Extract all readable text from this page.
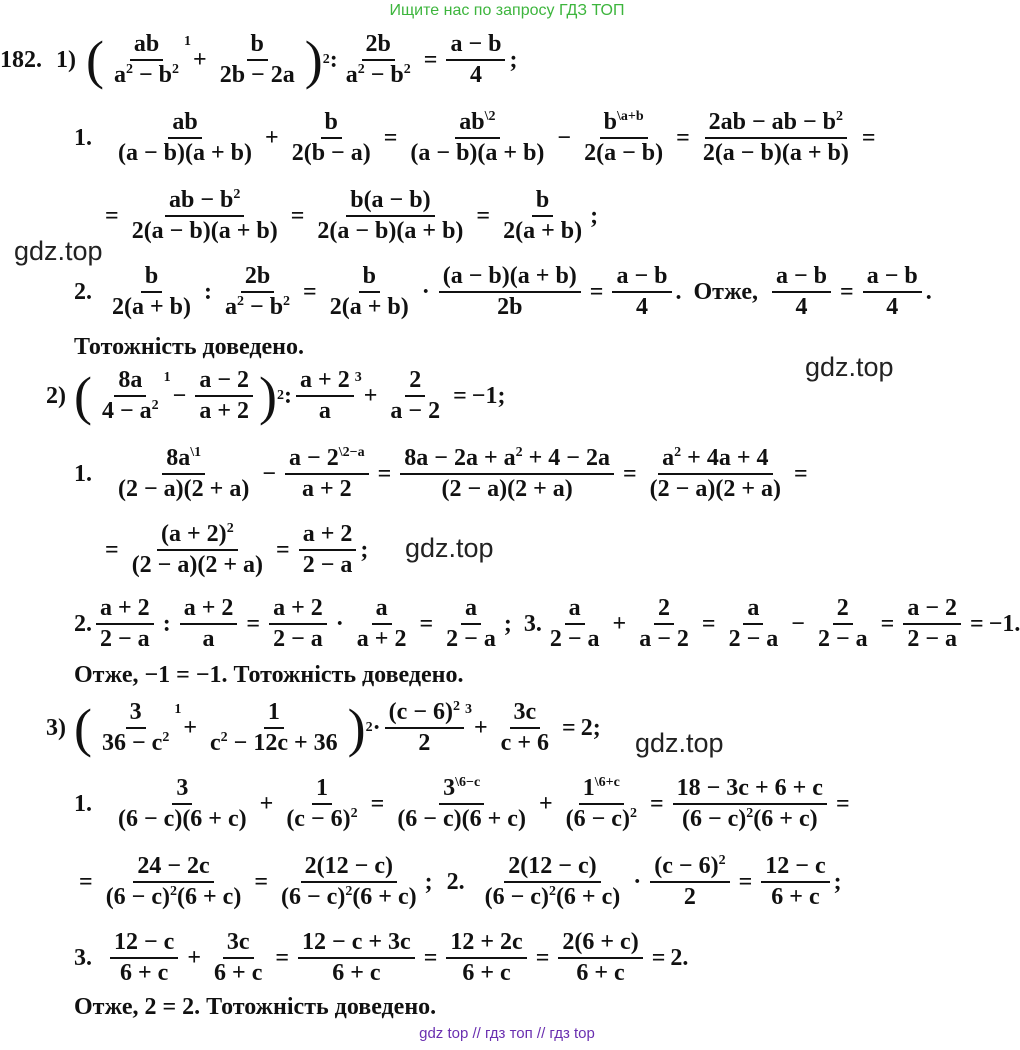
Ищите нас по запросу ГДЗ ТОП
gdz.top
gdz.top
gdz.top
gdz.top
182. 1) ( $\frac{ab}{a^2 - b^2} 1$
+ $\frac{b}{2b - 2a}$ ) 2 : $\frac{2b}{a^2 - b^2} = \frac{a - b}{4}$ ;
1. $\frac{ab}{(a - b)(a + b)} + \frac{b}{2(b - a)} = \frac{ab^{\backslash 2}}{(a - b)(a + b)} - \frac{b^{\backslash a+b}}{2(a - b)} = \frac{2ab - ab - b^2}{2(a - b)(a + b)}$ =
= $\frac{ab - b^2}{2(a - b)(a + b)} = \frac{b(a - b)}{2(a - b)(a + b)} = \frac{b}{2(a + b)}$ ;
2. $\frac{b}{2(a + b)}$ : $\frac{2b}{a^2 - b^2} = \frac{b}{2(a + b)} \cdot \frac{(a - b)(a + b)}{2b} = \frac{a - b}{4}$ . Отже, $\frac{a - b}{4} = \frac{a - b}{4}$ .
Тотожність доведено.
2) ( $\frac{8a}{4 - a^2} 1$
− $\frac{a - 2}{a + 2}$ ) 2 : $\frac{a + 2}{a} 3$
+ $\frac{2}{a - 2} = -1$;
1. $\frac{8a^{\backslash 1}}{(2 - a)(2 + a)} - \frac{a - 2^{\backslash 2-a}}{a + 2} = \frac{8a - 2a + a^2 + 4 - 2a}{(2 - a)(2 + a)} = \frac{a^2 + 4a + 4}{(2 - a)(2 + a)}$ =
= $\frac{(a + 2)^2}{(2 - a)(2 + a)} = \frac{a + 2}{2 - a}$ ;
2. $\frac{a + 2}{2 - a}$ : $\frac{a + 2}{a} = \frac{a + 2}{2 - a} \cdot \frac{a}{a + 2} = \frac{a}{2 - a}$ ; 3. $\frac{a}{2 - a} + \frac{2}{a - 2} = \frac{a}{2 - a} - \frac{2}{2 - a} = \frac{a - 2}{2 - a} = -1$.
Отже, −1 = −1. Тотожність доведено.
3) ( $\frac{3}{36 - c^2} 1$
+ $\frac{1}{c^2 - 12c + 36}$ ) $2 \cdot \frac{(c - 6)^2}{2} 3$
+ $\frac{3c}{c + 6} = 2$;
1. $\frac{3}{(6 - c)(6 + c)} + \frac{1}{(c - 6)^2} = \frac{3^{\backslash 6-c}}{(6 - c)(6 + c)} + \frac{1^{\backslash 6+c}}{(6 - c)^2} = \frac{18 - 3c + 6 + c}{(6 - c)^2(6 + c)}$ =
= $\frac{24 - 2c}{(6 - c)^2(6 + c)} = \frac{2(12 - c)}{(6 - c)^2(6 + c)}$ ; 2. $\frac{2(12 - c)}{(6 - c)^2(6 + c)} \cdot \frac{(c - 6)^2}{2} = \frac{12 - c}{6 + c}$ ;
3. $\frac{12 - c}{6 + c} + \frac{3c}{6 + c} = \frac{12 - c + 3c}{6 + c} = \frac{12 + 2c}{6 + c} = \frac{2(6 + c)}{6 + c} = 2$.
Отже, 2 = 2. Тотожність доведено.
gdz top // гдз топ // гдз top
